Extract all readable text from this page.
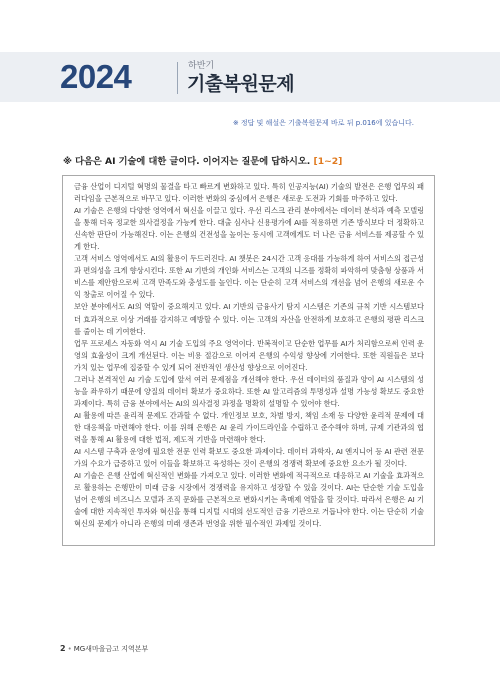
2024	하반기
기출복원문제
※ 정답 및 해설은 기출복원문제 바로 뒤 p.016에 있습니다.
※ 다음은 AI 기술에 대한 글이다. 이어지는 질문에 답하시오. [1~2]

금융 산업이 디지털 혁명의 물결을 타고 빠르게 변화하고 있다. 특히 인공지능(AI) 기술의 발전은 은행 업무의 패러다임을 근본적으로 바꾸고 있다. 이러한 변화의 중심에서 은행은 새로운 도전과 기회를 마주하고 있다.

AI 기술은 은행의 다양한 영역에서 혁신을 이끌고 있다. 우선 리스크 관리 분야에서는 데이터 분석과 예측 모델링을 통해 더욱 정교한 의사결정을 가능케 한다. 대출 심사나 신용평가에 AI를 적용하면 기존 방식보다 더 정확하고 신속한 판단이 가능해진다. 이는 은행의 건전성을 높이는 동시에 고객에게도 더 나은 금융 서비스를 제공할 수 있게 한다.

고객 서비스 영역에서도 AI의 활용이 두드러진다. AI 챗봇은 24시간 고객 응대를 가능하게 하여 서비스의 접근성과 편의성을 크게 향상시킨다. 또한 AI 기반의 개인화 서비스는 고객의 니즈를 정확히 파악하여 맞춤형 상품과 서비스를 제안함으로써 고객 만족도와 충성도를 높인다. 이는 단순히 고객 서비스의 개선을 넘어 은행의 새로운 수익 창출로 이어질 수 있다.

보안 분야에서도 AI의 역할이 중요해지고 있다. AI 기반의 금융사기 탐지 시스템은 기존의 규칙 기반 시스템보다 더 효과적으로 이상 거래를 감지하고 예방할 수 있다. 이는 고객의 자산을 안전하게 보호하고 은행의 평판 리스크를 줄이는 데 기여한다.

업무 프로세스 자동화 역시 AI 기술 도입의 주요 영역이다. 반복적이고 단순한 업무를 AI가 처리함으로써 인력 운영의 효율성이 크게 개선된다. 이는 비용 절감으로 이어져 은행의 수익성 향상에 기여한다. 또한 직원들은 보다 가치 있는 업무에 집중할 수 있게 되어 전반적인 생산성 향상으로 이어진다.

그러나 본격적인 AI 기술 도입에 앞서 여러 문제점을 개선해야 한다. 우선 데이터의 품질과 양이 AI 시스템의 성능을 좌우하기 때문에 양질의 데이터 확보가 중요하다. 또한 AI 알고리즘의 투명성과 설명 가능성 확보도 중요한 과제이다. 특히 금융 분야에서는 AI의 의사결정 과정을 명확히 설명할 수 있어야 한다.

AI 활용에 따른 윤리적 문제도 간과할 수 없다. 개인정보 보호, 차별 방지, 책임 소재 등 다양한 윤리적 문제에 대한 대응책을 마련해야 한다. 이를 위해 은행은 AI 윤리 가이드라인을 수립하고 준수해야 하며, 규제 기관과의 협력을 통해 AI 활용에 대한 법적, 제도적 기반을 마련해야 한다.

AI 시스템 구축과 운영에 필요한 전문 인력 확보도 중요한 과제이다. 데이터 과학자, AI 엔지니어 등 AI 관련 전문가의 수요가 급증하고 있어 이들을 확보하고 육성하는 것이 은행의 경쟁력 확보에 중요한 요소가 될 것이다.

AI 기술은 은행 산업에 혁신적인 변화를 가져오고 있다. 이러한 변화에 적극적으로 대응하고 AI 기술을 효과적으로 활용하는 은행만이 미래 금융 시장에서 경쟁력을 유지하고 성장할 수 있을 것이다. AI는 단순한 기술 도입을 넘어 은행의 비즈니스 모델과 조직 문화를 근본적으로 변화시키는 촉매제 역할을 할 것이다. 따라서 은행은 AI 기술에 대한 지속적인 투자와 혁신을 통해 디지털 시대의 선도적인 금융 기관으로 거듭나야 한다. 이는 단순히 기술 혁신의 문제가 아니라 은행의 미래 생존과 번영을 위한 필수적인 과제일 것이다.

2 • MG새마을금고 지역본부
